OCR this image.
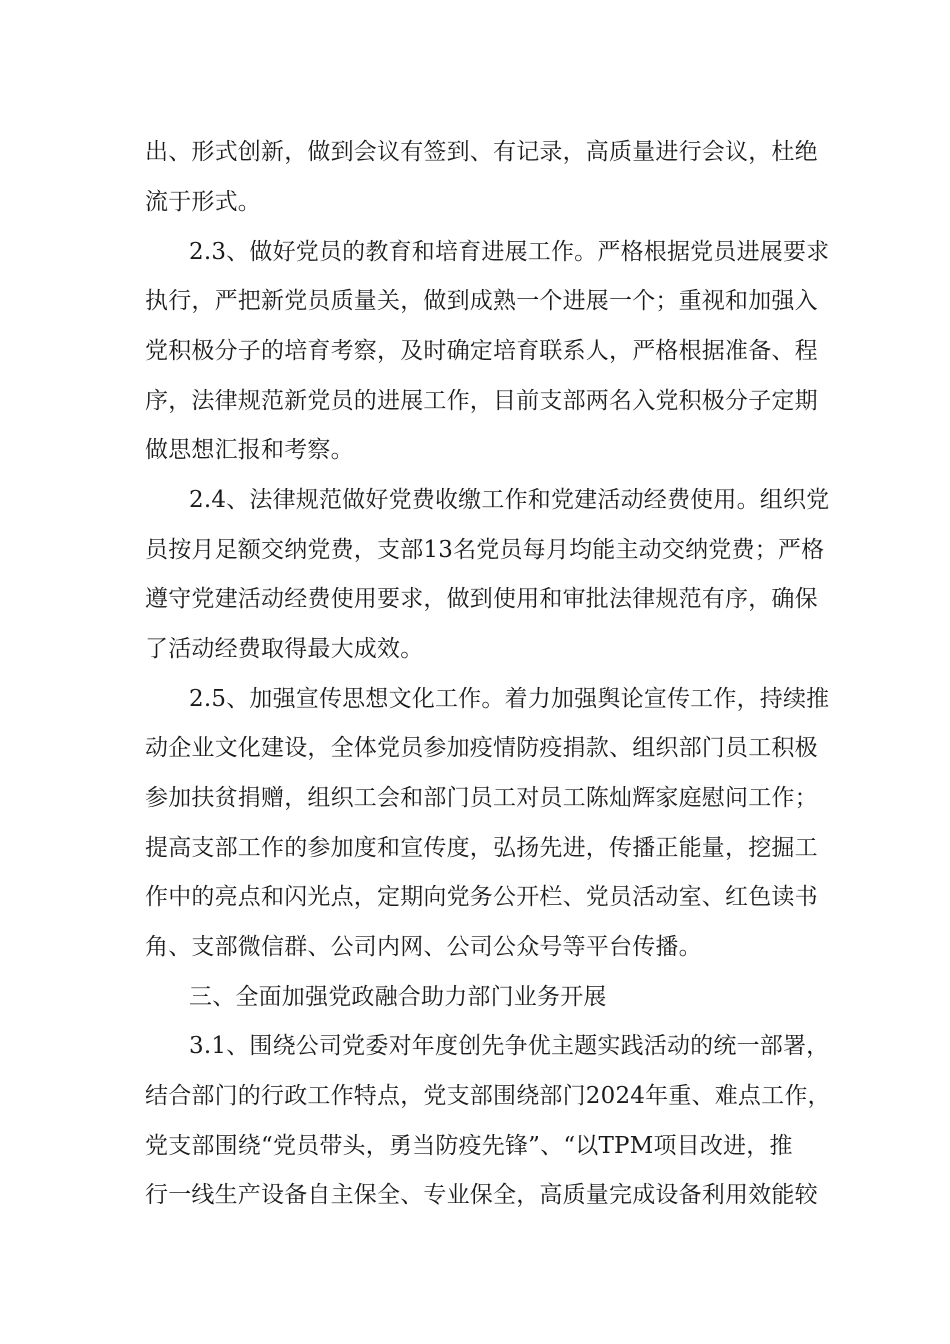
出、形式创新，做到会议有签到、有记录，高质量进行会议，杜绝
流于形式。
2.3、做好党员的教育和培育进展工作。严格根据党员进展要求
执行，严把新党员质量关，做到成熟一个进展一个；重视和加强入
党积极分子的培育考察，及时确定培育联系人，严格根据准备、程
序，法律规范新党员的进展工作，目前支部两名入党积极分子定期
做思想汇报和考察。
2.4、法律规范做好党费收缴工作和党建活动经费使用。组织党
员按月足额交纳党费，支部13名党员每月均能主动交纳党费；严格
遵守党建活动经费使用要求，做到使用和审批法律规范有序，确保
了活动经费取得最大成效。
2.5、加强宣传思想文化工作。着力加强舆论宣传工作，持续推
动企业文化建设，全体党员参加疫情防疫捐款、组织部门员工积极
参加扶贫捐赠，组织工会和部门员工对员工陈灿辉家庭慰问工作；
提高支部工作的参加度和宣传度，弘扬先进，传播正能量，挖掘工
作中的亮点和闪光点，定期向党务公开栏、党员活动室、红色读书
角、支部微信群、公司内网、公司公众号等平台传播。
三、全面加强党政融合助力部门业务开展
3.1、围绕公司党委对年度创先争优主题实践活动的统一部署，
结合部门的行政工作特点，党支部围绕部门2024年重、难点工作，
党支部围绕“党员带头，勇当防疫先锋”、“以TPM项目改进，推
行一线生产设备自主保全、专业保全，高质量完成设备利用效能较
